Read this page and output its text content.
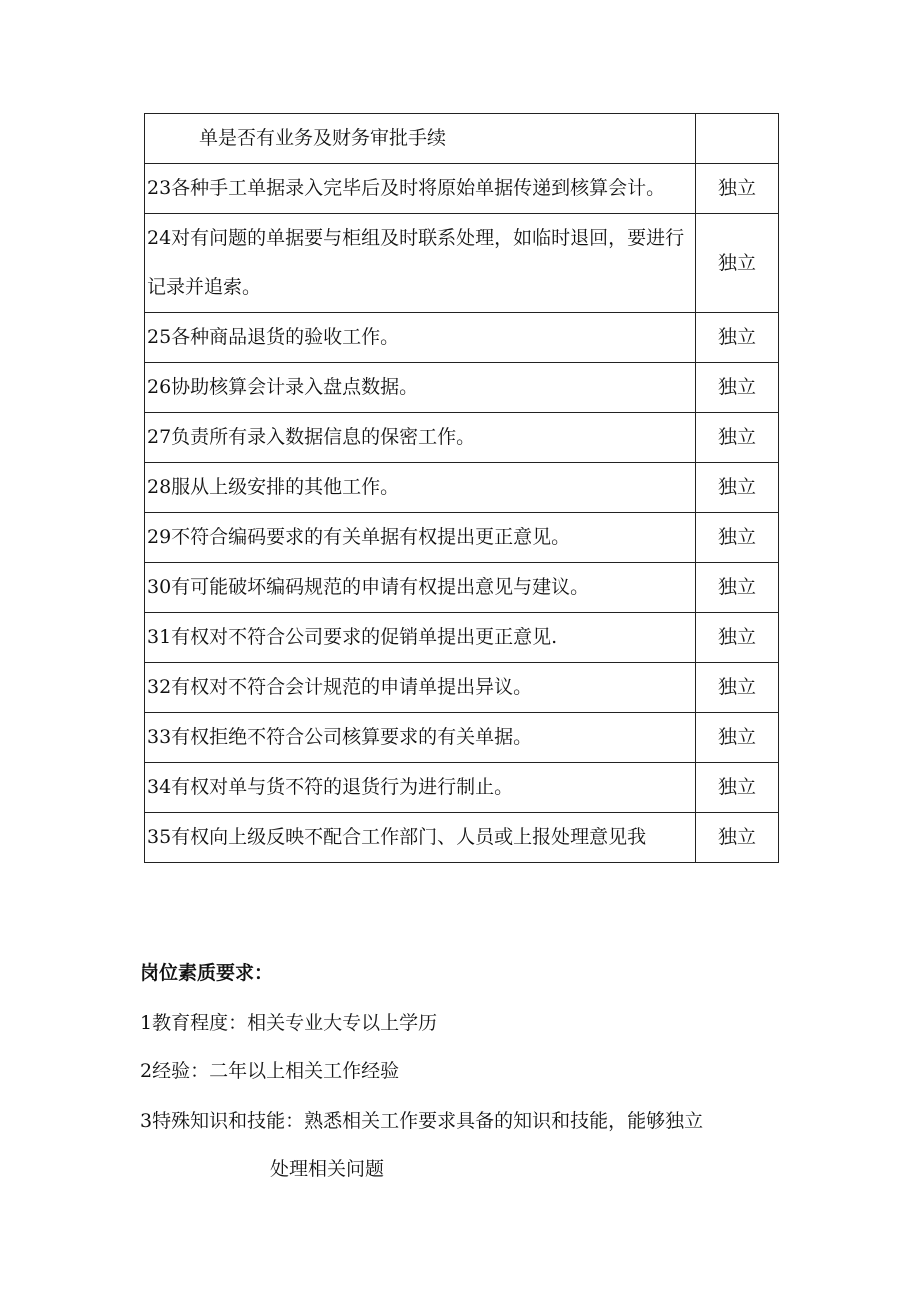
单是否有业务及财务审批手续	
23各种手工单据录入完毕后及时将原始单据传递到核算会计。	独立
24对有问题的单据要与柜组及时联系处理，如临时退回，要进行记录并追索。	独立
25各种商品退货的验收工作。	独立
26协助核算会计录入盘点数据。	独立
27负责所有录入数据信息的保密工作。	独立
28服从上级安排的其他工作。	独立
29不符合编码要求的有关单据有权提出更正意见。	独立
30有可能破坏编码规范的申请有权提出意见与建议。	独立
31有权对不符合公司要求的促销单提出更正意见.	独立
32有权对不符合会计规范的申请单提出异议。	独立
33有权拒绝不符合公司核算要求的有关单据。	独立
34有权对单与货不符的退货行为进行制止。	独立
35有权向上级反映不配合工作部门、人员或上报处理意见我	独立
岗位素质要求：
1教育程度：相关专业大专以上学历
2经验：二年以上相关工作经验
3特殊知识和技能：熟悉相关工作要求具备的知识和技能，能够独立
处理相关问题
